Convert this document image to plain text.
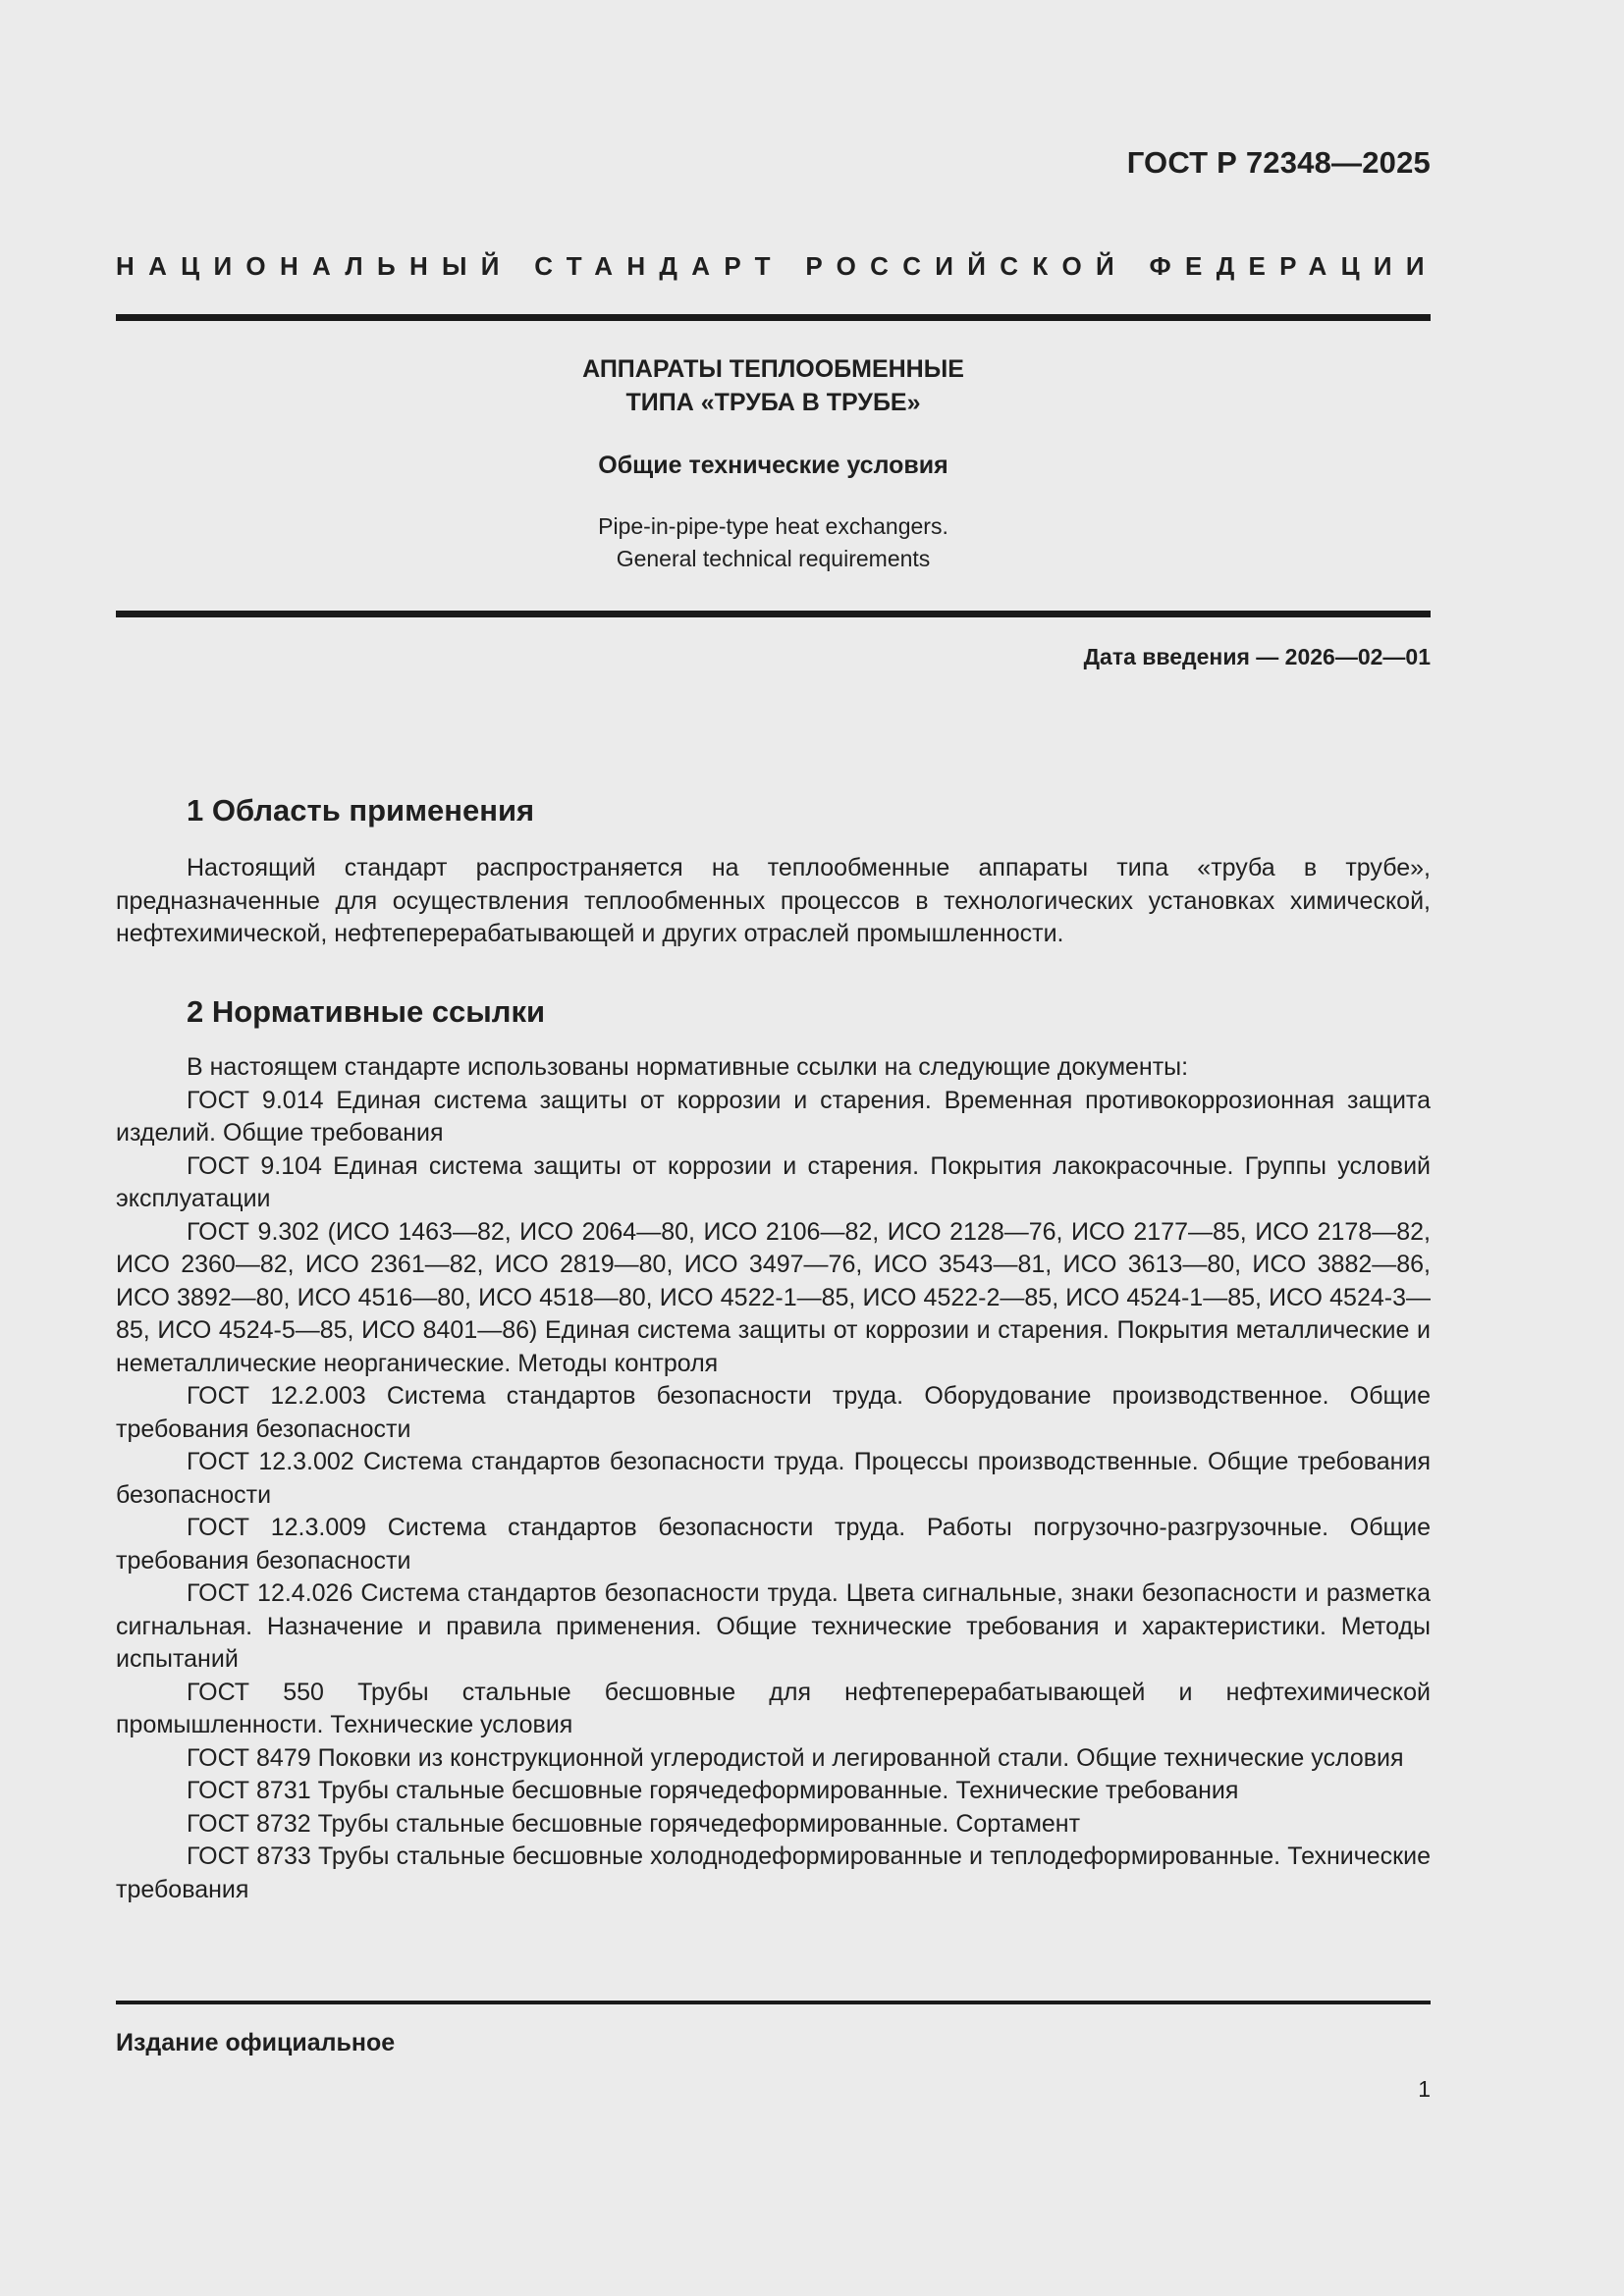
ГОСТ Р 72348—2025
НАЦИОНАЛЬНЫЙ СТАНДАРТ РОССИЙСКОЙ ФЕДЕРАЦИИ
АППАРАТЫ ТЕПЛООБМЕННЫЕ
ТИПА «ТРУБА В ТРУБЕ»
Общие технические условия
Pipe-in-pipe-type heat exchangers.
General technical requirements
Дата введения — 2026—02—01
1 Область применения

Настоящий стандарт распространяется на теплообменные аппараты типа «труба в трубе», предназначенные для осуществления теплообменных процессов в технологических установках химической, нефтехимической, нефтеперерабатывающей и других отраслей промышленности.

2 Нормативные ссылки

В настоящем стандарте использованы нормативные ссылки на следующие документы:

ГОСТ 9.014 Единая система защиты от коррозии и старения. Временная противокоррозионная защита изделий. Общие требования

ГОСТ 9.104 Единая система защиты от коррозии и старения. Покрытия лакокрасочные. Группы условий эксплуатации

ГОСТ 9.302 (ИСО 1463—82, ИСО 2064—80, ИСО 2106—82, ИСО 2128—76, ИСО 2177—85, ИСО 2178—82, ИСО 2360—82, ИСО 2361—82, ИСО 2819—80, ИСО 3497—76, ИСО 3543—81, ИСО 3613—80, ИСО 3882—86, ИСО 3892—80, ИСО 4516—80, ИСО 4518—80, ИСО 4522-1—85, ИСО 4522-2—85, ИСО 4524-1—85, ИСО 4524-3—85, ИСО 4524-5—85, ИСО 8401—86) Единая система защиты от коррозии и старения. Покрытия металлические и неметаллические неорганические. Методы контроля

ГОСТ 12.2.003 Система стандартов безопасности труда. Оборудование производственное. Общие требования безопасности

ГОСТ 12.3.002 Система стандартов безопасности труда. Процессы производственные. Общие требования безопасности

ГОСТ 12.3.009 Система стандартов безопасности труда. Работы погрузочно-разгрузочные. Общие требования безопасности

ГОСТ 12.4.026 Система стандартов безопасности труда. Цвета сигнальные, знаки безопасности и разметка сигнальная. Назначение и правила применения. Общие технические требования и характеристики. Методы испытаний

ГОСТ 550 Трубы стальные бесшовные для нефтеперерабатывающей и нефтехимической промышленности. Технические условия

ГОСТ 8479 Поковки из конструкционной углеродистой и легированной стали. Общие технические условия

ГОСТ 8731 Трубы стальные бесшовные горячедеформированные. Технические требования

ГОСТ 8732 Трубы стальные бесшовные горячедеформированные. Сортамент

ГОСТ 8733 Трубы стальные бесшовные холоднодеформированные и теплодеформированные. Технические требования

Издание официальное
1
